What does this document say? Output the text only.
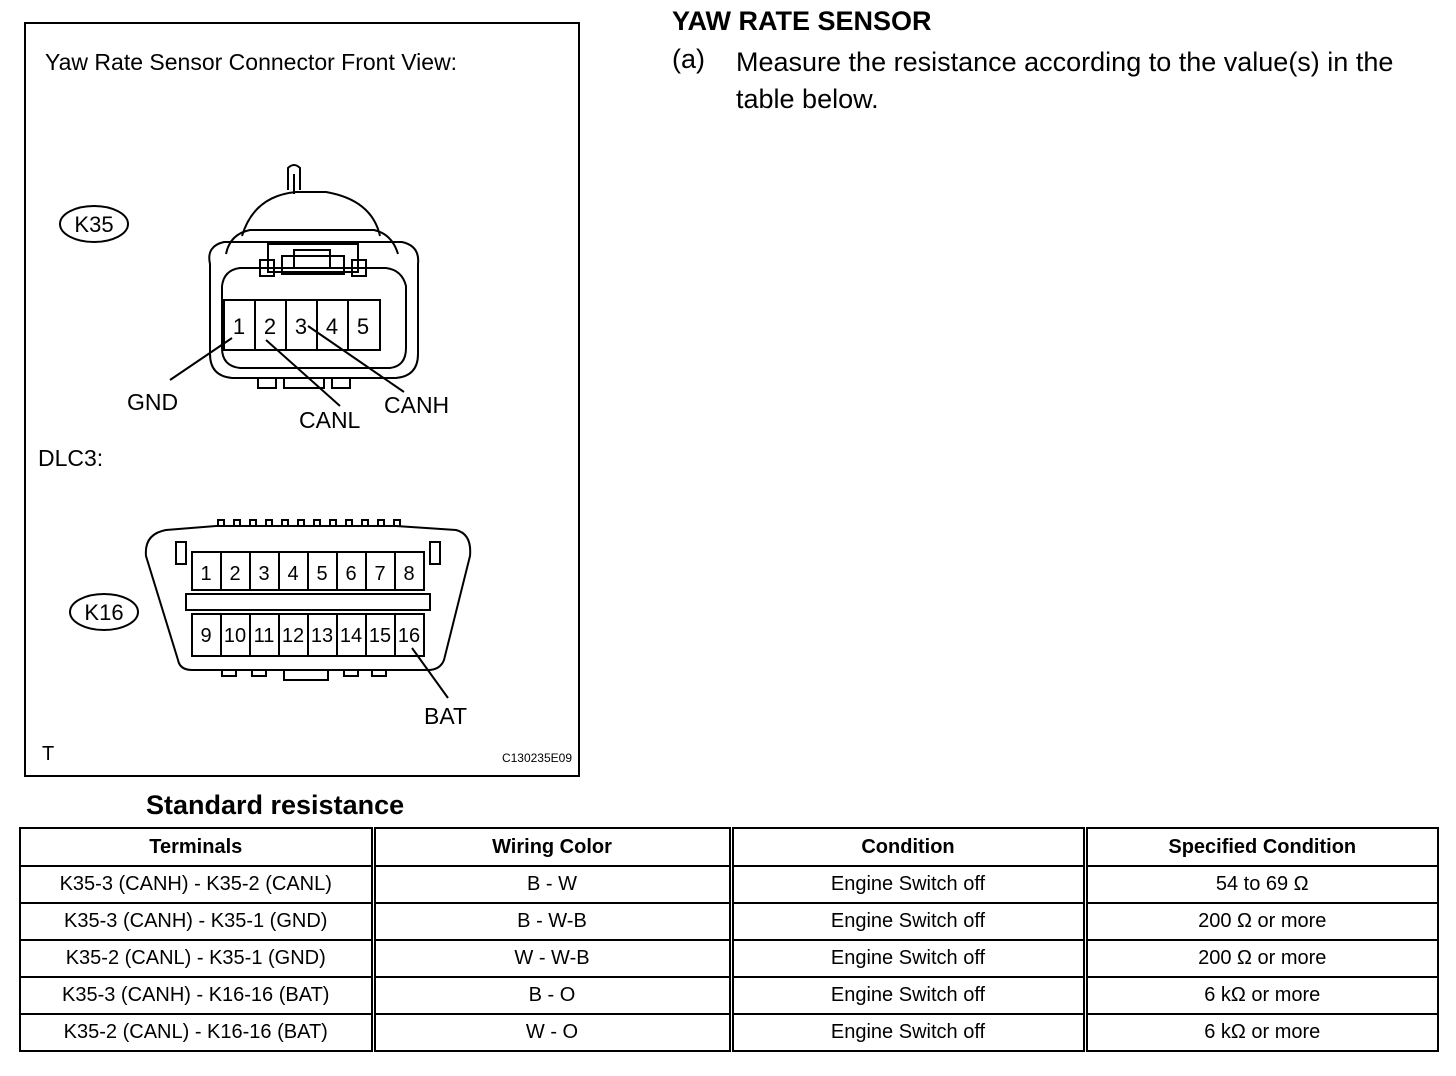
Yaw Rate Sensor Connector Front View:
1 2 3 4 5
K35
GND
CANL
CANH
DLC3:
1 2 3 4 5 6 7 8
9 10 11 12 13 14 15 16
K16
BAT
T	C130235E09
YAW RATE SENSOR
(a) Measure the resistance according to the value(s) in the table below.
Standard resistance
Terminals	Wiring Color	Condition	Specified Condition
K35-3 (CANH) - K35-2 (CANL)	B - W	Engine Switch off	54 to 69 Ω
K35-3 (CANH) - K35-1 (GND)	B - W-B	Engine Switch off	200 Ω or more
K35-2 (CANL) - K35-1 (GND)	W - W-B	Engine Switch off	200 Ω or more
K35-3 (CANH) - K16-16 (BAT)	B - O	Engine Switch off	6 kΩ or more
K35-2 (CANL) - K16-16 (BAT)	W - O	Engine Switch off	6 kΩ or more
